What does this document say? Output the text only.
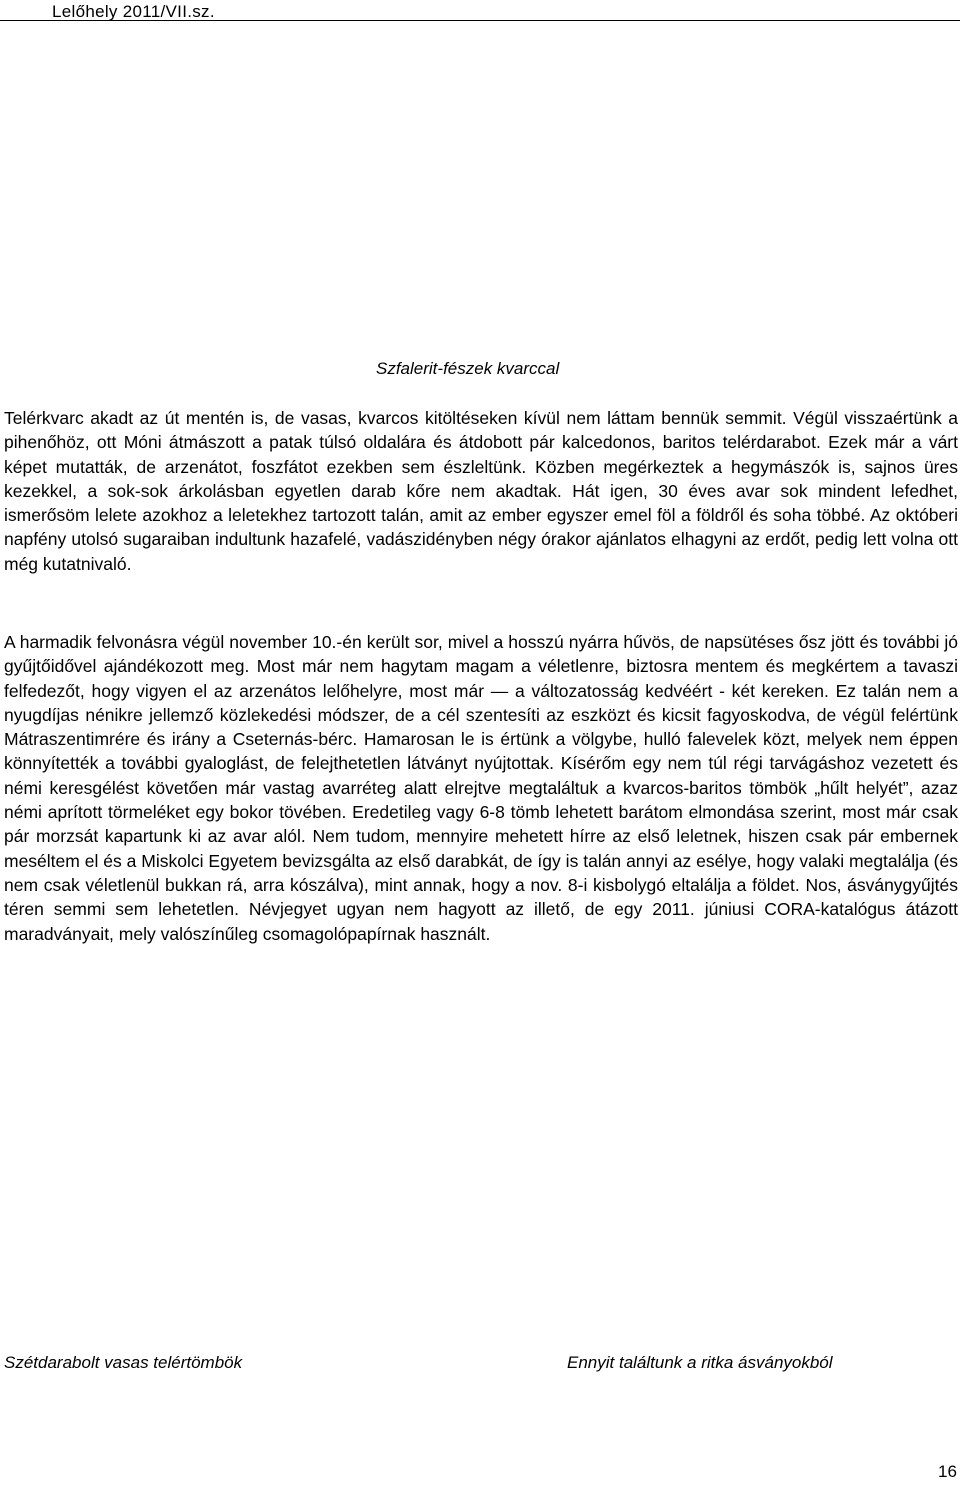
Lelőhely 2011/VII.sz.
Szfalerit-fészek kvarccal

Telérkvarc akadt az út mentén is, de vasas, kvarcos kitöltéseken kívül nem láttam bennük semmit. Végül visszaértünk a pihenőhöz, ott Móni átmászott a patak túlsó oldalára és átdobott pár kalcedonos, baritos telérdarabot. Ezek már a várt képet mutatták, de arzenátot, foszfátot ezekben sem észleltünk. Közben megérkeztek a hegymászók is, sajnos üres kezekkel, a sok-sok árkolásban egyetlen darab kőre nem akadtak. Hát igen, 30 éves avar sok mindent lefedhet, ismerősöm lelete azokhoz a leletekhez tartozott talán, amit az ember egyszer emel föl a földről és soha többé. Az októberi napfény utolsó sugaraiban indultunk hazafelé, vadászidényben négy órakor ajánlatos elhagyni az erdőt, pedig lett volna ott még kutatnivaló.

A harmadik felvonásra végül november 10.-én került sor, mivel a hosszú nyárra hűvös, de napsütéses ősz jött és további jó gyűjtőidővel ajándékozott meg. Most már nem hagytam magam a véletlenre, biztosra mentem és megkértem a tavaszi felfedezőt, hogy vigyen el az arzenátos lelőhelyre, most már — a változatosság kedvéért - két kereken. Ez talán nem a nyugdíjas nénikre jellemző közlekedési módszer, de a cél szentesíti az eszközt és kicsit fagyoskodva, de végül felértünk Mátraszentimrére és irány a Cseternás-bérc. Hamarosan le is értünk a völgybe, hulló falevelek közt, melyek nem éppen könnyítették a további gyaloglást, de felejthetetlen látványt nyújtottak. Kísérőm egy nem túl régi tarvágáshoz vezetett és némi keresgélést követően már vastag avarréteg alatt elrejtve megtaláltuk a kvarcos-baritos tömbök „hűlt helyét”, azaz némi aprított törmeléket egy bokor tövében. Eredetileg vagy 6-8 tömb lehetett barátom elmondása szerint, most már csak pár morzsát kapartunk ki az avar alól. Nem tudom, mennyire mehetett hírre az első leletnek, hiszen csak pár embernek meséltem el és a Miskolci Egyetem bevizsgálta az első darabkát, de így is talán annyi az esélye, hogy valaki megtalálja (és nem csak véletlenül bukkan rá, arra kószálva), mint annak, hogy a nov. 8-i kisbolygó eltalálja a földet. Nos, ásványgyűjtés téren semmi sem lehetetlen. Névjegyet ugyan nem hagyott az illető, de egy 2011. júniusi CORA-katalógus átázott maradványait, mely valószínűleg csomagolópapírnak használt.

Szétdarabolt vasas telértömbök	Ennyit találtunk a ritka ásványokból
16
